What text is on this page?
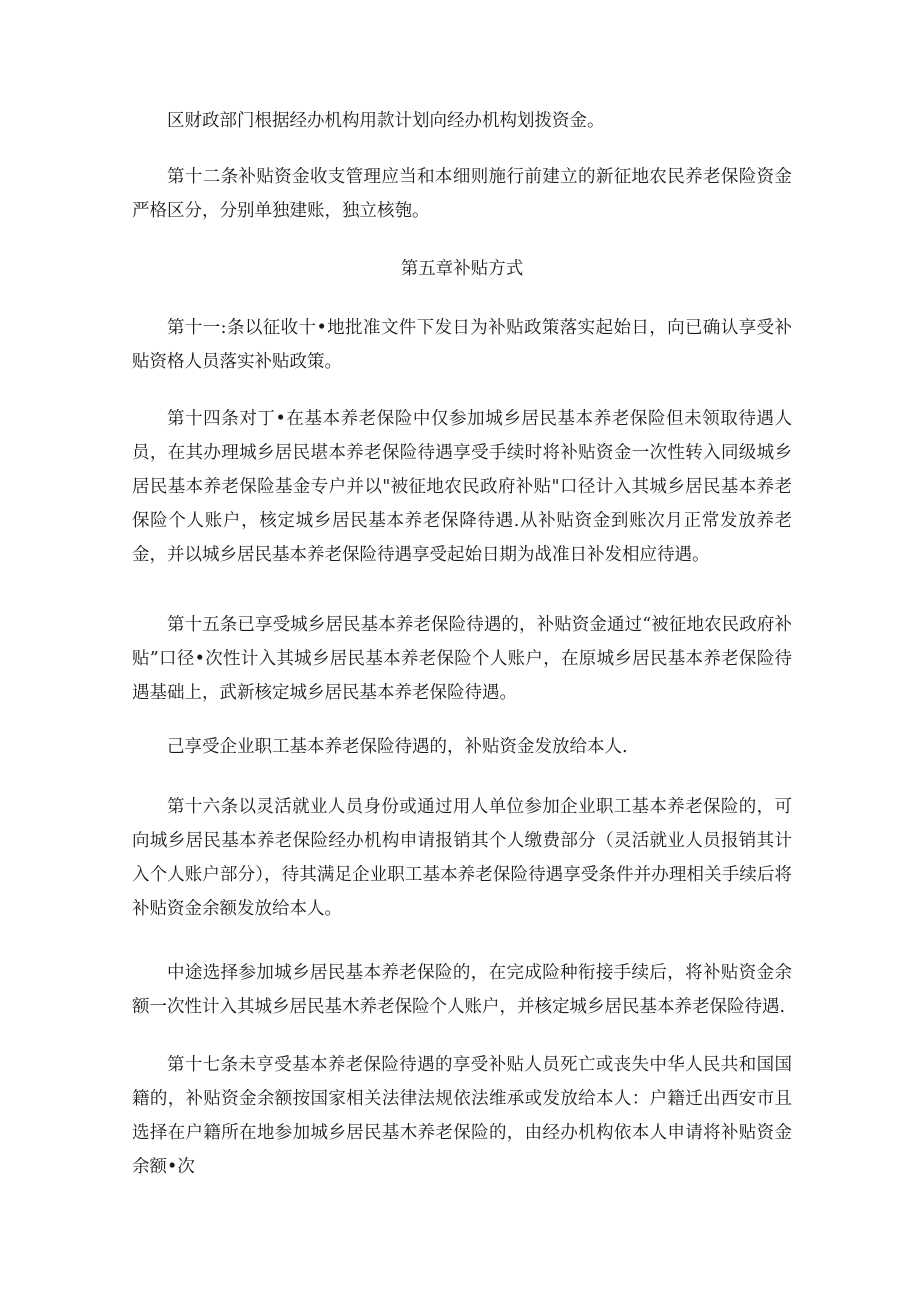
区财政部门根据经办机构用款计划向经办机构划拨资金。

第十二条补贴资金收支管理应当和本细则施行前建立的新征地农民养老保险资金严格区分，分别单独建账，独立核匏。

第五章补贴方式

第十一:条以征收十•地批准文件下发日为补贴政策落实起始日，向已确认享受补贴资格人员落实补贴政策。

第十四条对丁•在基本养老保险中仅参加城乡居民基本养老保险但未领取待遇人员，在其办理城乡居民堪本养老保险待遇享受手续时将补贴资金一次性转入同级城乡居民基本养老保险基金专户并以"被征地农民政府补贴"口径计入其城乡居民基本养老保险个人账户，核定城乡居民基本养老保降待遇.从补贴资金到账次月正常发放养老金，并以城乡居民基本养老保险待遇享受起始日期为战准日补发相应待遇。

第十五条已享受城乡居民基本养老保险待遇的，补贴资金通过“被征地农民政府补贴”口径•次性计入其城乡居民基本养老保险个人账户，在原城乡居民基本养老保险待遇基础上，武新核定城乡居民基本养老保险待遇。

己享受企业职工基本养老保险待遇的，补贴资金发放给本人.

第十六条以灵活就业人员身份或通过用人单位参加企业职工基本养老保险的，可向城乡居民基本养老保险经办机构申请报销其个人缴费部分（灵活就业人员报销其计入个人账户部分），待其满足企业职工基本养老保险待遇享受条件并办理相关手续后将补贴资金余额发放给本人。

中途选择参加城乡居民基本养老保险的，在完成险种衔接手续后，将补贴资金余额一次性计入其城乡居民基木养老保险个人账户，并核定城乡居民基本养老保险待遇.

第十七条未亨受基本养老保险待遇的享受补贴人员死亡或丧失中华人民共和国国籍的，补贴资金余额按国家相关法律法规依法维承或发放给本人：户籍迁出西安市且选择在户籍所在地参加城乡居民基木养老保险的，由经办机构依本人申请将补贴资金余额•次
